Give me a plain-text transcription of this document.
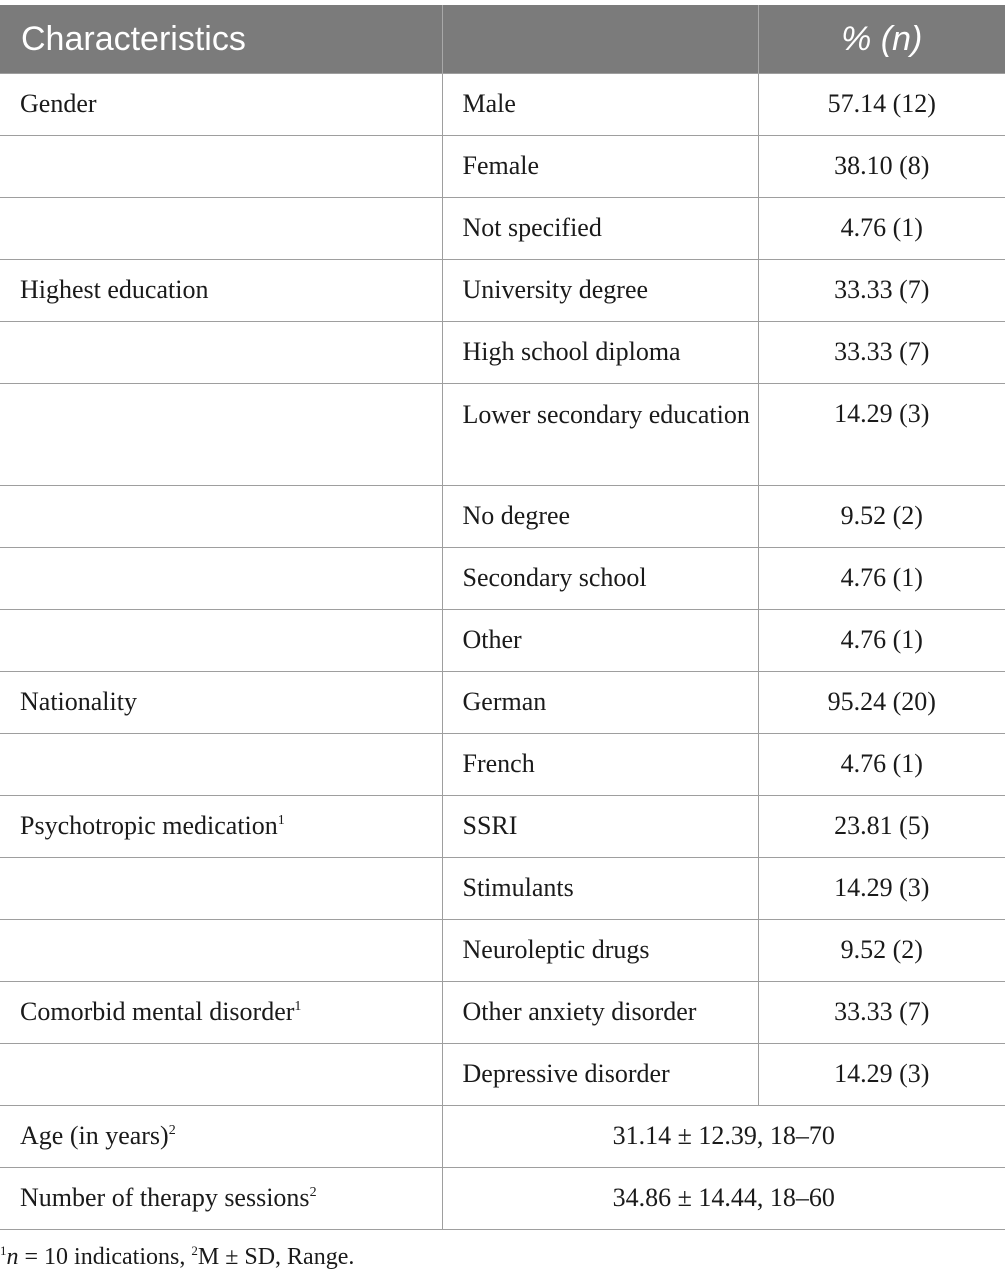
Characteristics		% (n)
Gender	Male	57.14 (12)
	Female	38.10 (8)
	Not specified	4.76 (1)
Highest education	University degree	33.33 (7)
	High school diploma	33.33 (7)
	Lower secondary education	14.29 (3)
	No degree	9.52 (2)
	Secondary school	4.76 (1)
	Other	4.76 (1)
Nationality	German	95.24 (20)
	French	4.76 (1)
Psychotropic medication$^1$	SSRI	23.81 (5)
	Stimulants	14.29 (3)
	Neuroleptic drugs	9.52 (2)
Comorbid mental disorder$^1$	Other anxiety disorder	33.33 (7)
	Depressive disorder	14.29 (3)
Age (in years)$^2$	31.14 ± 12.39, 18–70	
Number of therapy sessions$^2$	34.86 ± 14.44, 18–60	
$^1$n = 10 indications, $^2$M ± SD, Range.
